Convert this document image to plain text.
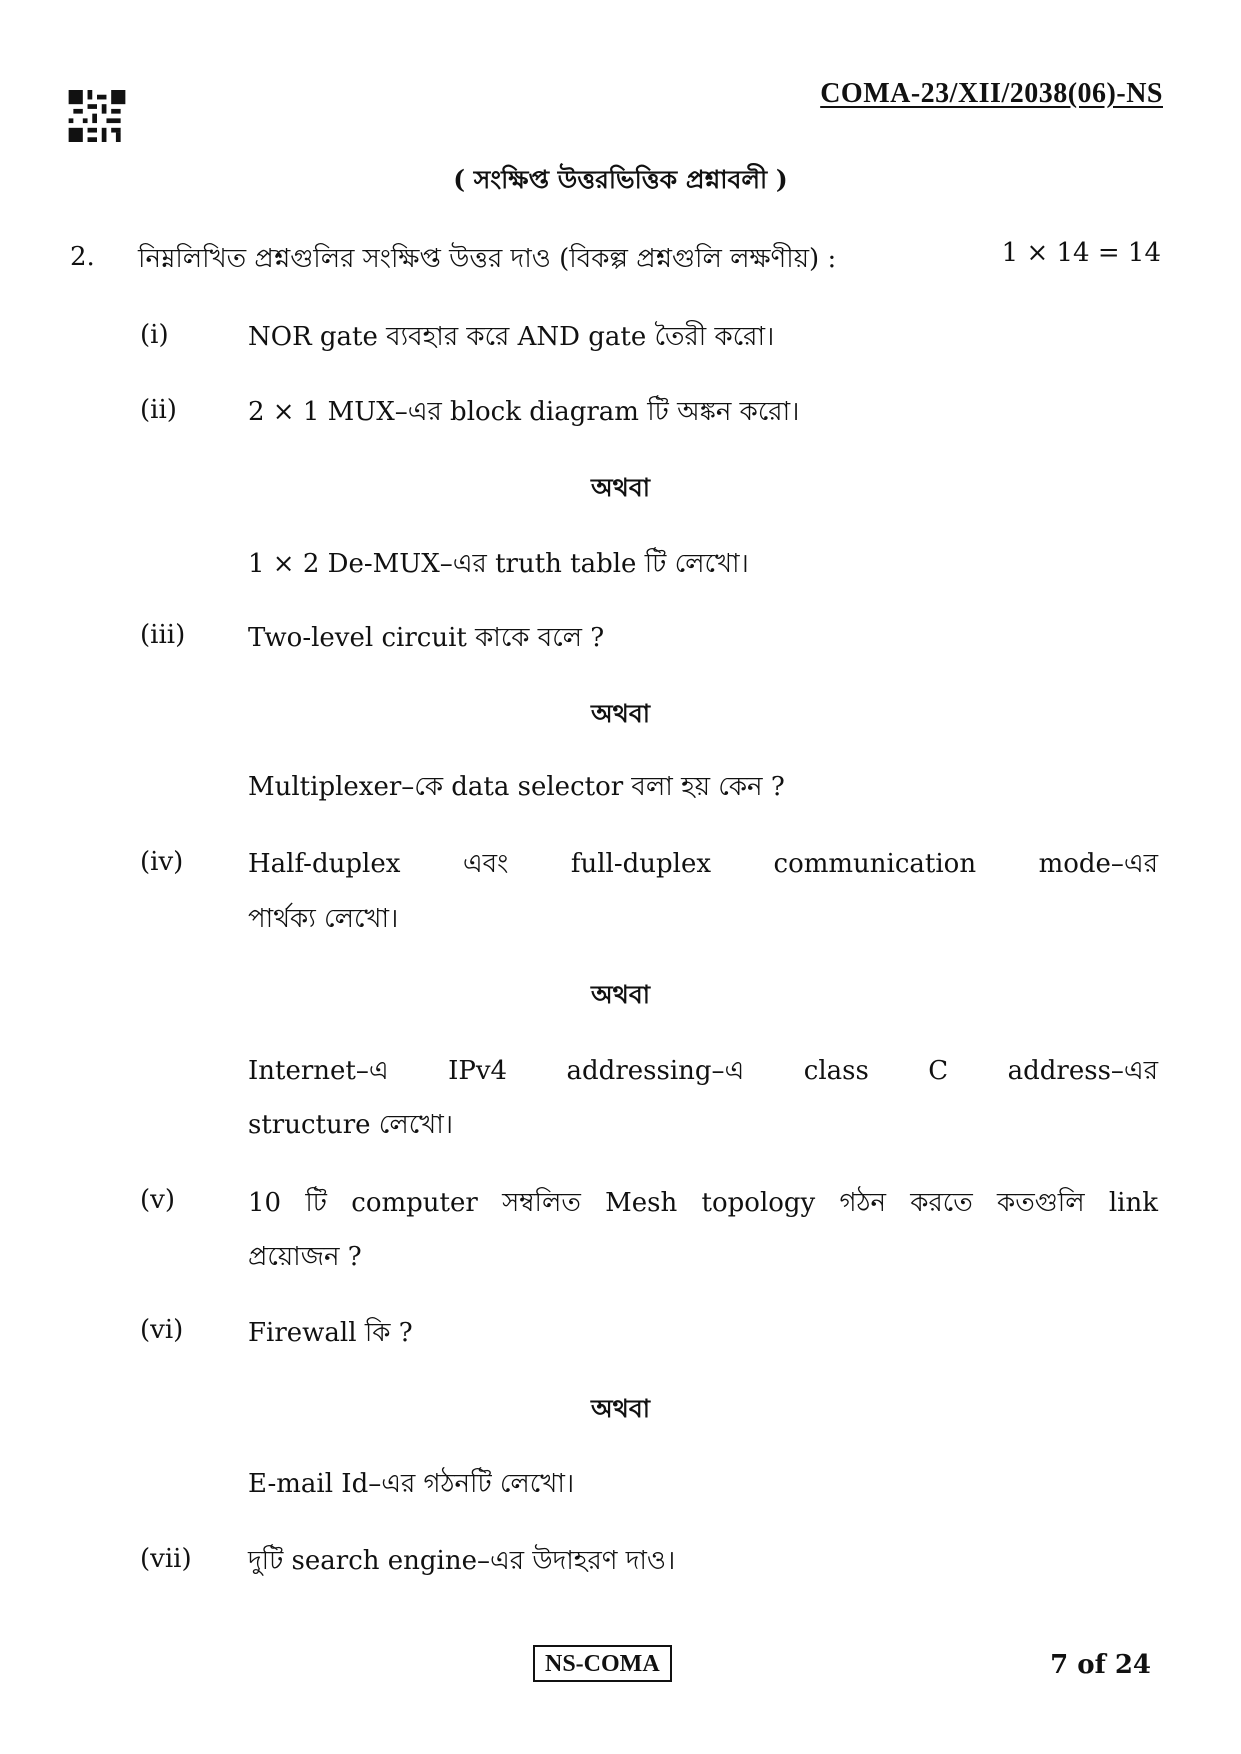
COMA-23/XII/2038(06)-NS
( সংক্ষিপ্ত উত্তরভিত্তিক প্রশ্নাবলী )
2. নিম্নলিখিত প্রশ্নগুলির সংক্ষিপ্ত উত্তর দাও (বিকল্প প্রশ্নগুলি লক্ষণীয়) :	1 × 14 = 14
(i)	NOR gate ব্যবহার করে AND gate তৈরী করো।
(ii)	2 × 1 MUX–এর block diagram টি অঙ্কন করো।
অথবা
1 × 2 De-MUX–এর truth table টি লেখো।
(iii) Two-level circuit কাকে বলে ?
অথবা
Multiplexer–কে data selector বলা হয় কেন ?
(iv) Half-duplex এবং full-duplex communication mode–এর
পার্থক্য লেখো।
অথবা
Internet–এ IPv4 addressing–এ class C address–এর
structure লেখো।
(v)	10 টি computer সম্বলিত Mesh topology গঠন করতে কতগুলি link
প্রয়োজন ?
(vi) Firewall কি ?
অথবা
E-mail Id–এর গঠনটি লেখো।
(vii) দুটি search engine–এর উদাহরণ দাও।
NS-COMA	7 of 24
